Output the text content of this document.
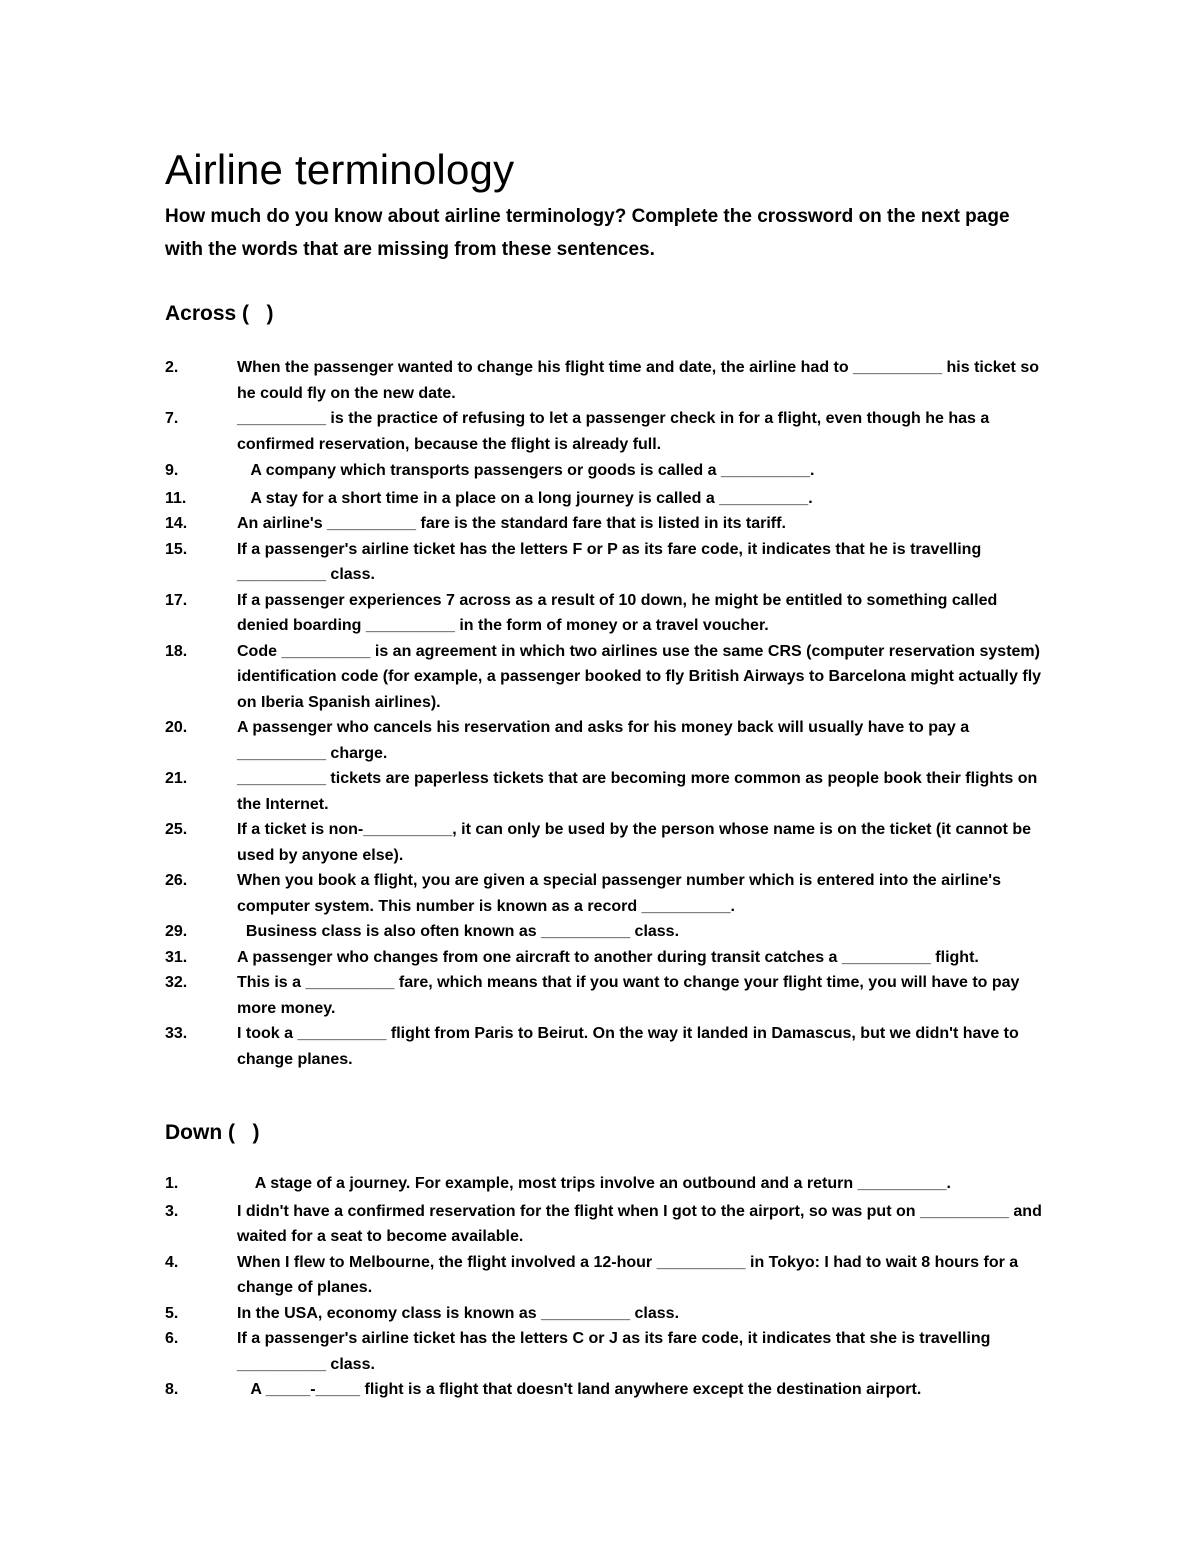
Airline terminology
How much do you know about airline terminology? Complete the crossword on the next page with the words that are missing from these sentences.
Across (   )
2.	When the passenger wanted to change his flight time and date, the airline had to __________ his ticket so he could fly on the new date.
7.	__________ is the practice of refusing to let a passenger check in for a flight, even though he has a confirmed reservation, because the flight is already full.
9.	A company which transports passengers or goods is called a __________.
11.	A stay for a short time in a place on a long journey is called a __________.
14.	An airline's __________ fare is the standard fare that is listed in its tariff.
15.	If a passenger's airline ticket has the letters F or P as its fare code, it indicates that he is travelling __________ class.
17.	If a passenger experiences 7 across as a result of 10 down, he might be entitled to something called denied boarding __________ in the form of money or a travel voucher.
18.	Code __________ is an agreement in which two airlines use the same CRS (computer reservation system) identification code (for example, a passenger booked to fly British Airways to Barcelona might actually fly on Iberia Spanish airlines).
20.	A passenger who cancels his reservation and asks for his money back will usually have to pay a __________ charge.
21.	__________ tickets are paperless tickets that are becoming more common as people book their flights on the Internet.
25.	If a ticket is non-__________, it can only be used by the person whose name is on the ticket (it cannot be used by anyone else).
26.	When you book a flight, you are given a special passenger number which is entered into the airline's computer system. This number is known as a record __________.
29.	Business class is also often known as __________ class.
31.	A passenger who changes from one aircraft to another during transit catches a __________ flight.
32.	This is a __________ fare, which means that if you want to change your flight time, you will have to pay more money.
33.	I took a __________ flight from Paris to Beirut. On the way it landed in Damascus, but we didn't have to change planes.
Down (   )
1.	A stage of a journey. For example, most trips involve an outbound and a return __________.
3.	I didn't have a confirmed reservation for the flight when I got to the airport, so was put on __________ and waited for a seat to become available.
4.	When I flew to Melbourne, the flight involved a 12-hour __________ in Tokyo: I had to wait 8 hours for a change of planes.
5.	In the USA, economy class is known as __________ class.
6.	If a passenger's airline ticket has the letters C or J as its fare code, it indicates that she is travelling __________ class.
8.	A _____-_____ flight is a flight that doesn't land anywhere except the destination airport.
